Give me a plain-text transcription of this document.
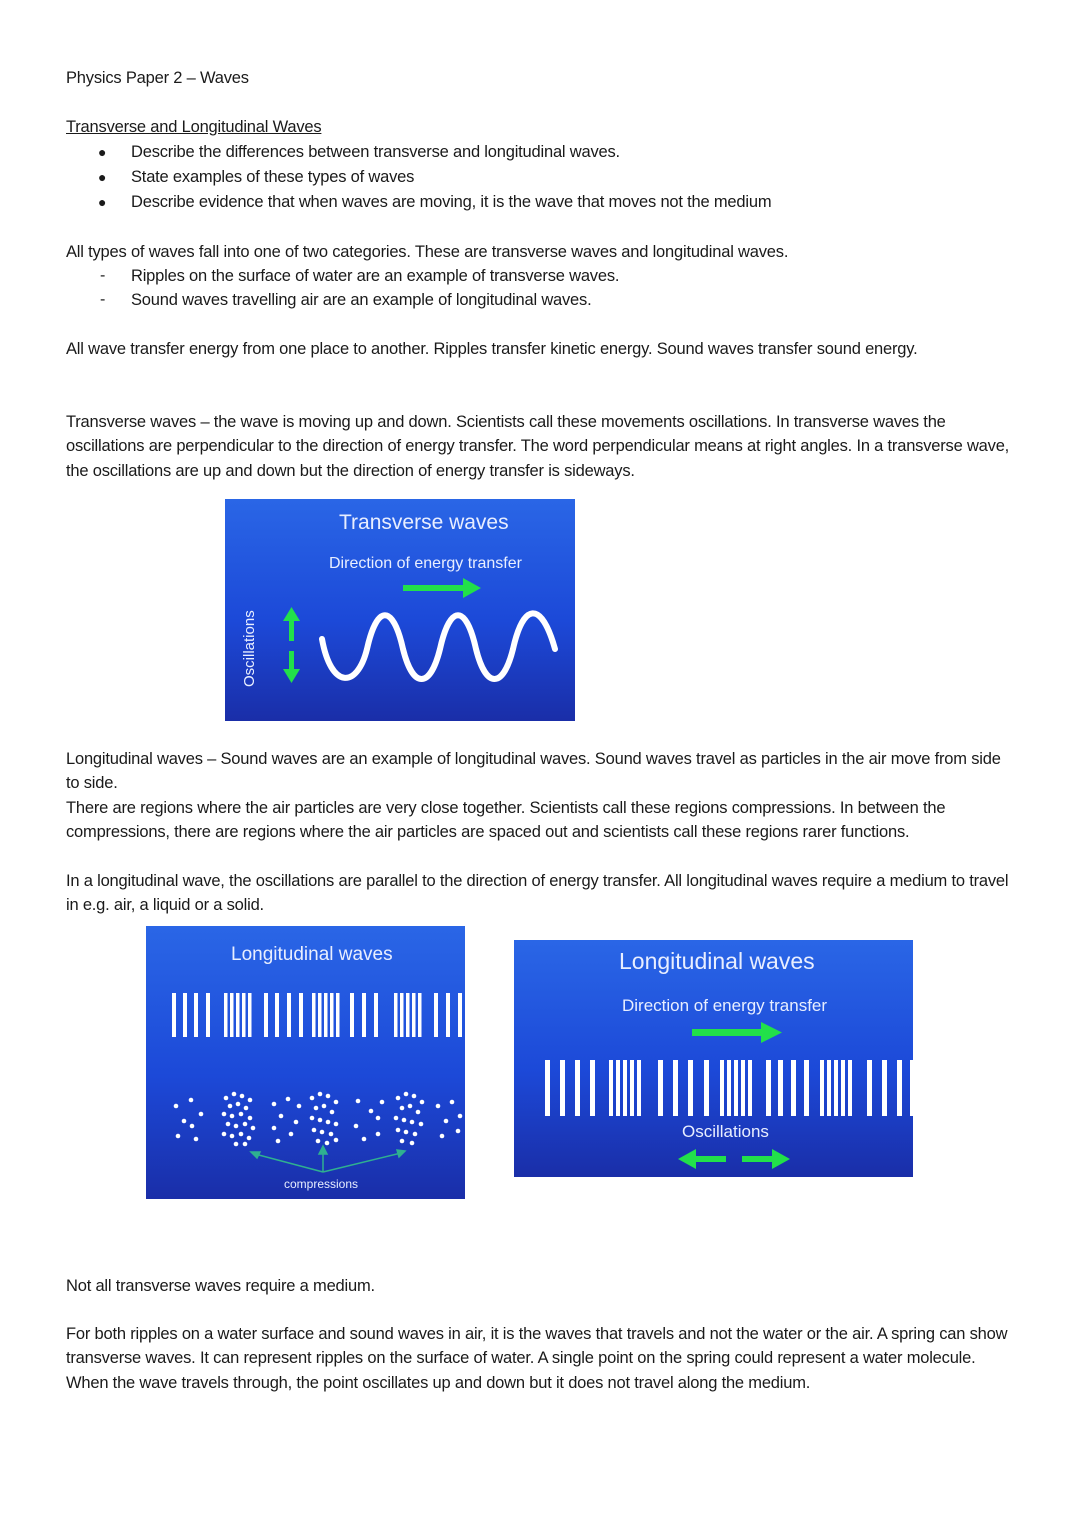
Physics Paper 2 – Waves
Transverse and Longitudinal Waves
● Describe the differences between transverse and longitudinal waves.
● State examples of these types of waves
● Describe evidence that when waves are moving, it is the wave that moves not the medium
All types of waves fall into one of two categories. These are transverse waves and longitudinal waves.
- Ripples on the surface of water are an example of transverse waves.
- Sound waves travelling air are an example of longitudinal waves.
All wave transfer energy from one place to another. Ripples transfer kinetic energy. Sound waves transfer sound energy.
Transverse waves – the wave is moving up and down. Scientists call these movements oscillations. In transverse waves the oscillations are perpendicular to the direction of energy transfer. The word perpendicular means at right angles. In a transverse wave, the oscillations are up and down but the direction of energy transfer is sideways.
Transverse waves
Direction of energy transfer
Oscillations
Longitudinal waves – Sound waves are an example of longitudinal waves. Sound waves travel as particles in the air move from side to side.
There are regions where the air particles are very close together. Scientists call these regions compressions. In between the compressions, there are regions where the air particles are spaced out and scientists call these regions rarer functions.
In a longitudinal wave, the oscillations are parallel to the direction of energy transfer. All longitudinal waves require a medium to travel in e.g. air, a liquid or a solid.
Longitudinal waves
compressions
Longitudinal waves
Direction of energy transfer
Oscillations
Not all transverse waves require a medium.
For both ripples on a water surface and sound waves in air, it is the waves that travels and not the water or the air. A spring can show transverse waves. It can represent ripples on the surface of water. A single point on the spring could represent a water molecule. When the wave travels through, the point oscillates up and down but it does not travel along the medium.
